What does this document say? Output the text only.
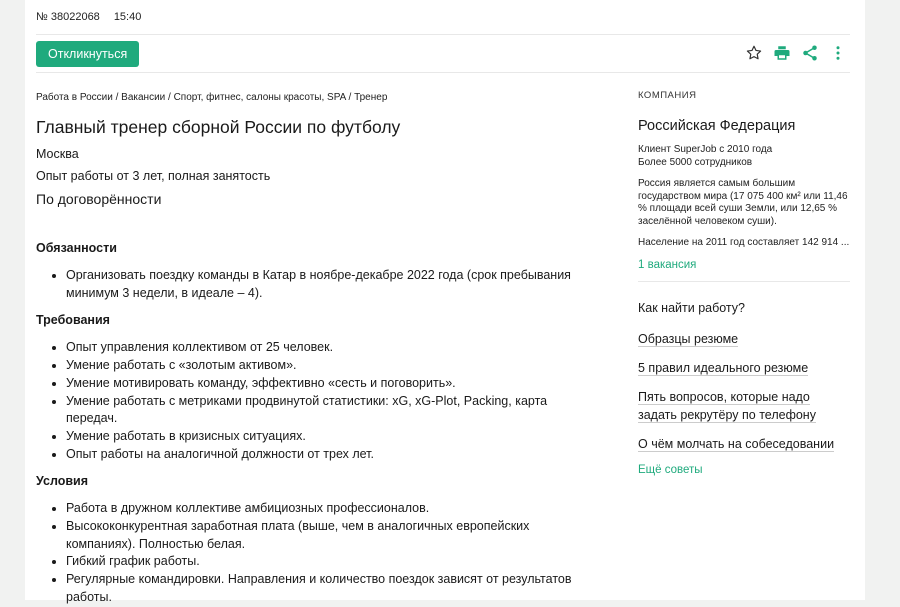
№ 38022068 15:40
Откликнуться
Работа в России / Вакансии / Спорт, фитнес, салоны красоты, SPA / Тренер
Главный тренер сборной России по футболу
Москва
Опыт работы от 3 лет, полная занятость
По договорённости
Обязанности
• Организовать поездку команды в Катар в ноябре-декабре 2022 года (срок пребывания минимум 3 недели, в идеале – 4).
Требования
• Опыт управления коллективом от 25 человек.
• Умение работать с «золотым активом».
• Умение мотивировать команду, эффективно «сесть и поговорить».
• Умение работать с метриками продвинутой статистики: xG, xG-Plot, Packing, карта передач.
• Умение работать в кризисных ситуациях.
• Опыт работы на аналогичной должности от трех лет.
Условия
• Работа в дружном коллективе амбициозных профессионалов.
• Высококонкурентная заработная плата (выше, чем в аналогичных европейских компаниях). Полностью белая.
• Гибкий график работы.
• Регулярные командировки. Направления и количество поездок зависят от результатов работы.
КОМПАНИЯ
Российская Федерация
Клиент SuperJob с 2010 года
Более 5000 сотрудников
Россия является самым большим государством мира (17 075 400 км² или 11,46 % площади всей суши Земли, или 12,65 % заселённой человеком суши).
Население на 2011 год составляет 142 914 ...
1 вакансия
Как найти работу?
Образцы резюме
5 правил идеального резюме
Пять вопросов, которые надо задать рекрутёру по телефону
О чём молчать на собеседовании
Ещё советы
